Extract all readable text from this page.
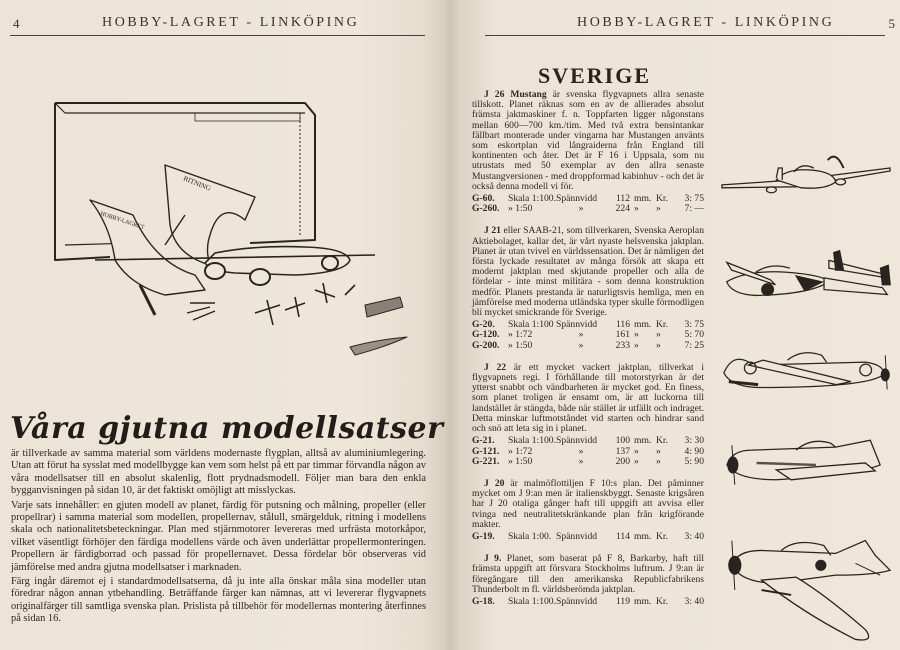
4	HOBBY-LAGRET - LINKÖPING
HOBBY-LAGRET
RITNING
Våra gjutna modellsatser

är tillverkade av samma material som världens modernaste flygplan, alltså av aluminiumlegering. Utan att förut ha sysslat med modellbygge kan vem som helst på ett par timmar förvandla någon av våra modellsatser till en absolut skalenlig, flott prydnadsmodell. Följer man bara den enkla bygganvisningen på sidan 10, är det faktiskt omöjligt att misslyckas.

Varje sats innehåller: en gjuten modell av planet, färdig för putsning och målning, propeller (eller propellrar) i samma material som modellen, propellernav, stålull, smärgelduk, ritning i modellens skala och nationalitetsbeteckningar. Plan med stjärnmotorer levereras med urfrästa motorkåpor, vilket väsentligt förhöjer den färdiga modellens värde och även underlättar propellermonteringen. Propellern är färdigborrad och passad för propellernavet. Dessa fördelar bör observeras vid jämförelse med andra gjutna modellsatser i marknaden.

Färg ingår däremot ej i standardmodellsatserna, då ju inte alla önskar måla sina modeller utan föredrar någon annan ytbehandling. Beträffande färger kan nämnas, att vi levererar flygvapnets originalfärger till samtliga svenska plan. Prislista på tillbehör för modellernas montering återfinnes på sidan 16.

HOBBY-LAGRET - LINKÖPING	5
SVERIGE
J 26 Mustang är svenska flygvapnets allra senaste tillskott. Planet räknas som en av de allierades absolut främsta jaktmaskiner f. n. Toppfarten ligger någonstans mellan 600—700 km./tim. Med två extra bensintankar fällbart monterade under vingarna har Mustangen använts som eskortplan vid långraiderna från England till kontinenten och åter. Det är F 16 i Uppsala, som nu utrustats med 50 exemplar av den allra senaste Mustangversionen - med droppformad kabinhuv - och det är också denna modell vi för.
G-60.	Skala 1:100.	Spännvidd	112	mm.	Kr.	3: 75
G-260.	» 1:50	»	224	»	»	7: —
J 21 eller SAAB-21, som tillverkaren, Svenska Aeroplan Aktiebolaget, kallar det, är vårt nyaste helsvenska jaktplan. Planet är utan tvivel en världssensation. Det är nämligen det första lyckade resultatet av många försök att skapa ett modernt jaktplan med skjutande propeller och alla de fördelar - inte minst militära - som denna konstruktion medför. Planets prestanda är naturligtsvis hemliga, men en jämförelse med moderna utländska typer skulle förmodligen bli mycket smickrande för Sverige.
G-20.	Skala 1:100	Spännvidd	116	mm.	Kr.	3: 75
G-120.	» 1:72	»	161	»	»	5: 70
G-200.	» 1:50	»	233	»	»	7: 25
J 22 är ett mycket vackert jaktplan, tillverkat i flygvapnets regi. I förhållande till motorstyrkan är det ytterst snabbt och vändbarheten är mycket god. En finess, som planet troligen är ensamt om, är att luckorna till landstället är stängda, både när stället är utfällt och indraget. Detta minskar luftmotståndet vid starten och hindrar sand och snö att leta sig in i planet.
G-21.	Skala 1:100.	Spännvidd	100	mm.	Kr.	3: 30
G-121.	» 1:72	»	137	»	»	4: 90
G-221.	» 1:50	»	200	»	»	5: 90
J 20 är malmöflottiljen F 10:s plan. Det påminner mycket om J 9:an men är italienskbyggt. Senaste krigsåren har J 20 otaliga gånger haft till uppgift att avvisa eller tvinga ned neutralitetskränkande plan från krigförande makter.
G-19.	Skala 1:00.	Spännvidd	114	mm.	Kr.	3: 40
J 9. Planet, som baserat på F 8, Barkarby, haft till främsta uppgift att försvara Stockholms luftrum. J 9:an är föregångare till den amerikanska Republicfabrikens Thunderbolt m fl. världsberömda jaktplan.
G-18.	Skala 1:100.	Spännvidd	119	mm.	Kr.	3: 40
